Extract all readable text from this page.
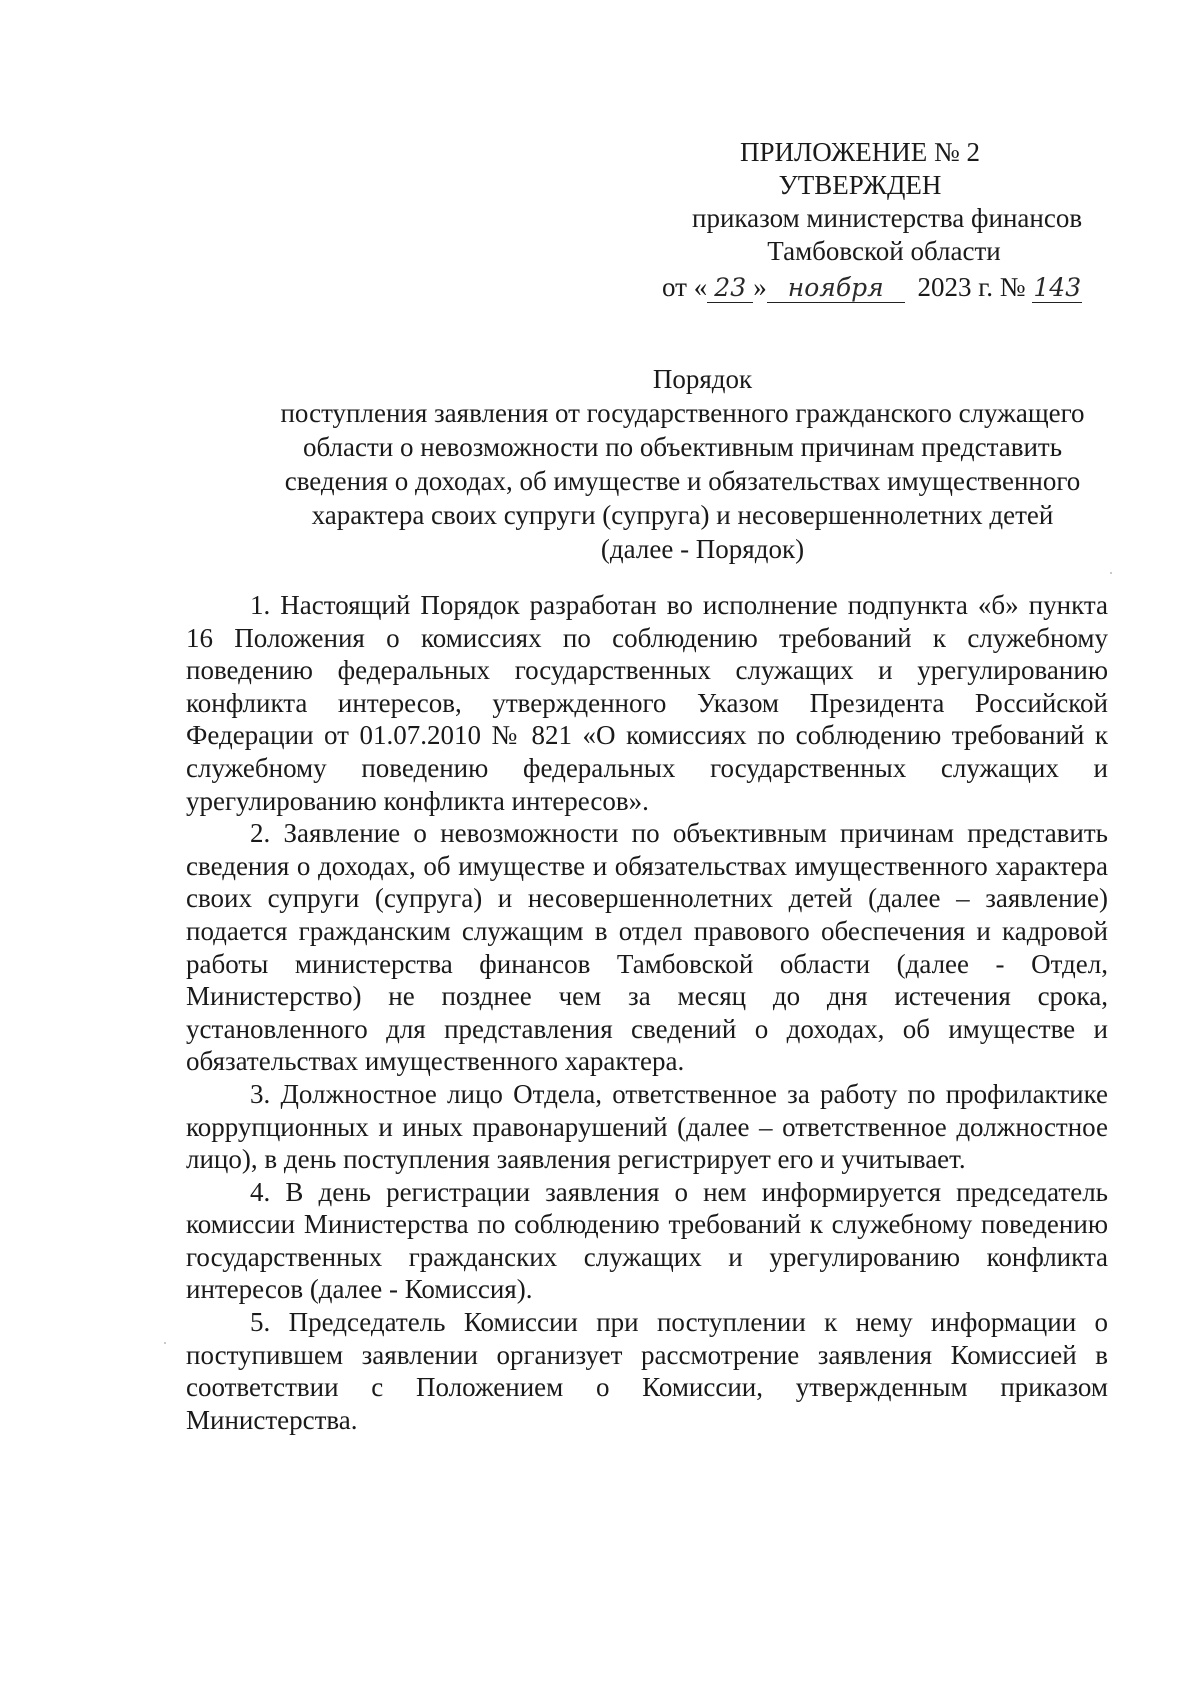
ПРИЛОЖЕНИЕ № 2
УТВЕРЖДЕН
приказом министерства финансов
Тамбовской области
от « 23 » ноября 2023 г. № 143
Порядок
поступления заявления от государственного гражданского служащего области о невозможности по объективным причинам представить сведения о доходах, об имуществе и обязательствах имущественного характера своих супруги (супруга) и несовершеннолетних детей
(далее - Порядок)

1. Настоящий Порядок разработан во исполнение подпункта «б» пункта 16 Положения о комиссиях по соблюдению требований к служебному поведению федеральных государственных служащих и урегулированию конфликта интересов, утвержденного Указом Президента Российской Федерации от 01.07.2010 № 821 «О комиссиях по соблюдению требований к служебному поведению федеральных государственных служащих и урегулированию конфликта интересов».

2. Заявление о невозможности по объективным причинам представить сведения о доходах, об имуществе и обязательствах имущественного характера своих супруги (супруга) и несовершеннолетних детей (далее – заявление) подается гражданским служащим в отдел правового обеспечения и кадровой работы министерства финансов Тамбовской области (далее - Отдел, Министерство) не позднее чем за месяц до дня истечения срока, установленного для представления сведений о доходах, об имуществе и обязательствах имущественного характера.

3. Должностное лицо Отдела, ответственное за работу по профилактике коррупционных и иных правонарушений (далее – ответственное должностное лицо), в день поступления заявления регистрирует его и учитывает.

4. В день регистрации заявления о нем информируется председатель комиссии Министерства по соблюдению требований к служебному поведению государственных гражданских служащих и урегулированию конфликта интересов (далее - Комиссия).

5. Председатель Комиссии при поступлении к нему информации о поступившем заявлении организует рассмотрение заявления Комиссией в соответствии с Положением о Комиссии, утвержденным приказом Министерства.
